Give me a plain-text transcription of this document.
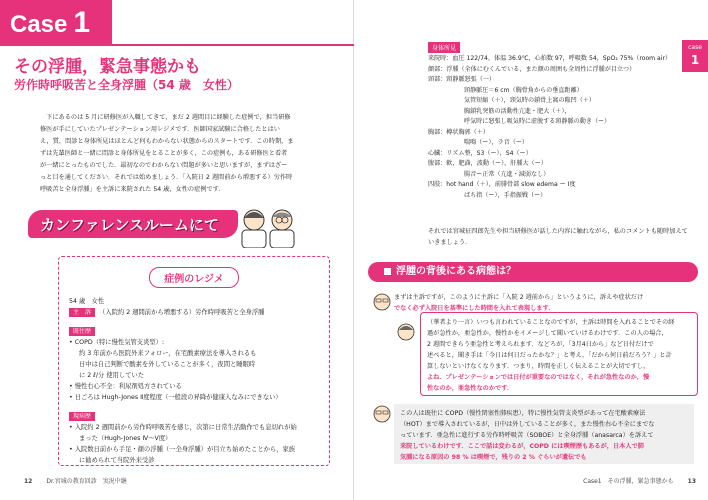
Case 1
その浮腫，緊急事態かも
労作時呼吸苦と全身浮腫（54 歳　女性）
　下にあるのは 5 月に研修医が入職してきて，まだ 2 週間目に経験した症例で，担当研修
修医が手にしていたプレゼンテーション用レジメです．医師国家試験に合格したとはい
え，質，問診と身体所見はほとんど何もわからない状態からのスタートです．この時期，ま
ずは先輩医師と一緒に問診と身体所見をとることが多く，この症例も，ある研修医と看者
が一緒にとったものでした．最初なのでわからない問題が多いと思いますが，まずはざー
っと目を通してください．それでは始めましょう．「入院日 2 週間前から増悪する）労作時
呼吸苦と全身浮腫」を主訴に来院された 54 歳，女性の症例です．
カンファレンスルームにて
症例のレジメ
54 歳　女性
主　訴 （入院約 2 週間前から増悪する）労作時呼吸苦と全身浮腫
既往歴
• COPD（特に慢性気管支炎型）:
約 3 年前から医院外来フォロー，在宅酸素療法を導入されるも
日中は自己判断で酸素を外していることが多く，夜間と睡眠時
に 2 ℓ/分 使用していた
• 慢性右心不全：利尿剤処方されている
• 日ごろは Hugh-Jones Ⅱ度程度（一般段の昇降が健康人なみにできない）
現病歴
• 入院約 2 週間前から労作時呼吸苦を感じ，次第に日常生活動作でも息切れが始
まった（Hugh-Jones Ⅳ～Ⅴ度）
• 入院数日前から手足・顔の浮腫（一全身浮腫）が目立ち始めたことから，家族
に勧められて当院外来受診
12 Dr.宮城の教育回診　実況中継
身体所見	case
1
来院時：血圧 122/74，体温 36.9℃，心拍数 97，呼吸数 54，SpO₂ 75%（room air）
顔部：浮腫（全体にむくんでいる，また顔の周囲も全周性に浮腫が目立つ）
頸部：頸静脈怒張（一）
頸静脈圧＝6 cm（胸骨角からの垂直距離）
気管短縮（＋），頸気時の鎖骨上窩の陥凹（＋）
胸鎖乳突筋の活動性亢進・肥大（＋），
呼気時に怒張し吸気時に虚脱する頸静脈の動き（ー）
胸部：樽状胸郭（＋）
喘鳴（ー），ラ音（ー）
心臓：リズム整，S3（ー），S4（ー）
腹部：軟，肥満，波動（ー），肝腫大（ー）
腸音ー正常（亢進・減弱なし）
四肢：hot hand（＋），前腓骨部 slow edema ー Ⅰ度
ばち指（ー），手指振戦（ー）
それでは宮城征四郎先生や担当研修医が話した内容に触れながら，私のコメントも随時加えて
いきましょう．
浮腫の背後にある病態は？
まずは主訴ですが，このように主訴に「入院 2 週前から」というように，訴えや症状だけ
でなく必ず入院日を基準にした時間を入れて表現します．
（華者より一言）いつも言われていることなのですが，主訴は時間を入れることでその経
過が急性か，亜急性か，慢性かをイメージして聞いていけるわけです．この人の場合，
2 週間できらう亜急性と考えられます．などろが，「3月4日から」など日付だけで
述べると，聞き手は「今日は何日だったかな？」と考え，「だから何日前だろう？」と計
算しないといけなくなります．つまり，時間を正しく伝えることが大切ですし，
よね．プレゼンテーションでは日付が重要なのではなく，それが急性なのか，慢
性なのか，亜急性なのかです．
この人は既往に COPD（慢性閉塞性肺疾患），特に慢性気管支炎型があって在宅酸素療法
（HOT）まで導入されているが，日中は外していることが多く，また慢性右心不全にまでな
っています．亜急性に進行する労作時呼吸苦（SOBOE）と全身浮腫（anasarca）を訴えて
来院しているわけです．ここで話は変わるが，COPD には喫煙歴もあるが，日本人で肺
気腫になる原因の 98 % は喫煙で，残りの 2 % ぐらいが遺伝でも
Case1　その浮腫，緊急事態かも 13
